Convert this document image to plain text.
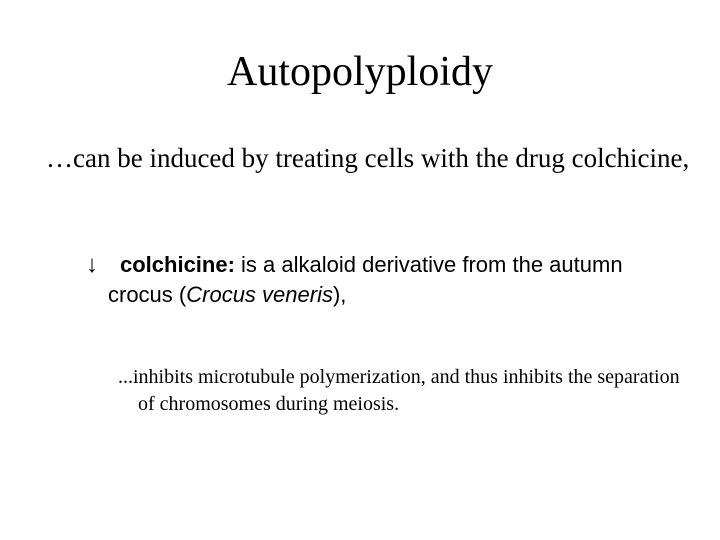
Autopolyploidy
…can be induced by treating cells with the drug colchicine,
↓ colchicine: is a alkaloid derivative from the autumn crocus (Crocus veneris),
...inhibits microtubule polymerization, and thus inhibits the separation of chromosomes during meiosis.
